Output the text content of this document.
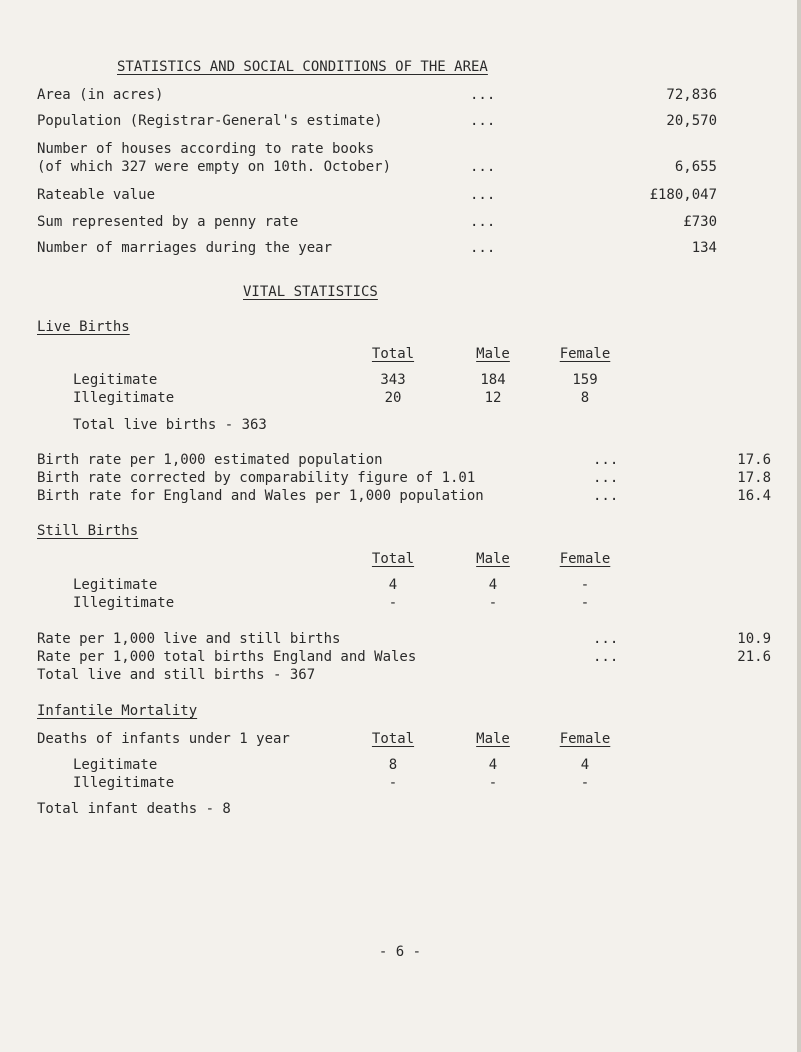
STATISTICS AND SOCIAL CONDITIONS OF THE AREA
Area (in acres)	...	72,836
Population (Registrar-General's estimate)	...	20,570
Number of houses according to rate books
(of which 327 were empty on 10th. October)	...	6,655
Rateable value	...	£180,047
Sum represented by a penny rate	...	£730
Number of marriages during the year	...	134
VITAL STATISTICS
Live Births
Total	Male	Female
Legitimate	343	184	159
Illegitimate	20	12	8
Total live births - 363
Birth rate per 1,000 estimated population	...	17.6
Birth rate corrected by comparability figure of 1.01	...	17.8
Birth rate for England and Wales per 1,000 population	...	16.4
Still Births
Total	Male	Female
Legitimate	4	4	-
Illegitimate	-	-	-
Rate per 1,000 live and still births	...	10.9
Rate per 1,000 total births England and Wales	...	21.6
Total live and still births - 367
Infantile Mortality
Deaths of infants under 1 year	Total	Male	Female
Legitimate	8	4	4
Illegitimate	-	-	-
Total infant deaths - 8
- 6 -
